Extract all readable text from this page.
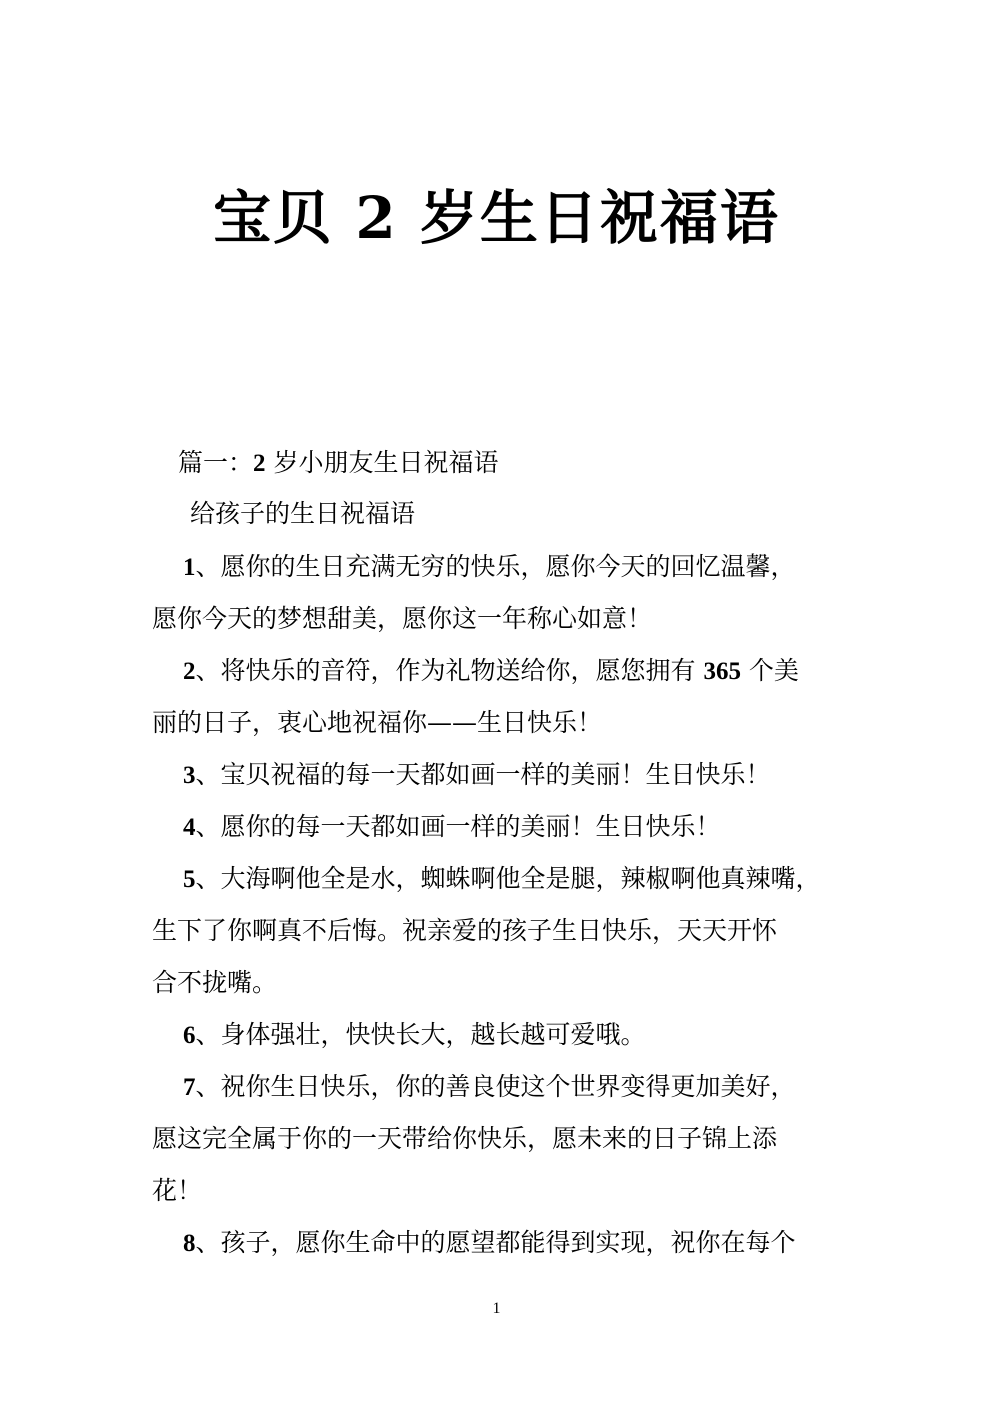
宝贝 2 岁生日祝福语
篇一：2 岁小朋友生日祝福语
给孩子的生日祝福语
1、愿你的生日充满无穷的快乐，愿你今天的回忆温馨，
愿你今天的梦想甜美，愿你这一年称心如意！
2、将快乐的音符，作为礼物送给你，愿您拥有 365 个美
丽的日子，衷心地祝福你——生日快乐！
3、宝贝祝福的每一天都如画一样的美丽！生日快乐！
4、愿你的每一天都如画一样的美丽！生日快乐！
5、大海啊他全是水，蜘蛛啊他全是腿，辣椒啊他真辣嘴，
生下了你啊真不后悔。祝亲爱的孩子生日快乐，天天开怀
合不拢嘴。
6、身体强壮，快快长大，越长越可爱哦。
7、祝你生日快乐，你的善良使这个世界变得更加美好，
愿这完全属于你的一天带给你快乐，愿未来的日子锦上添
花！
8、孩子，愿你生命中的愿望都能得到实现，祝你在每个
1
